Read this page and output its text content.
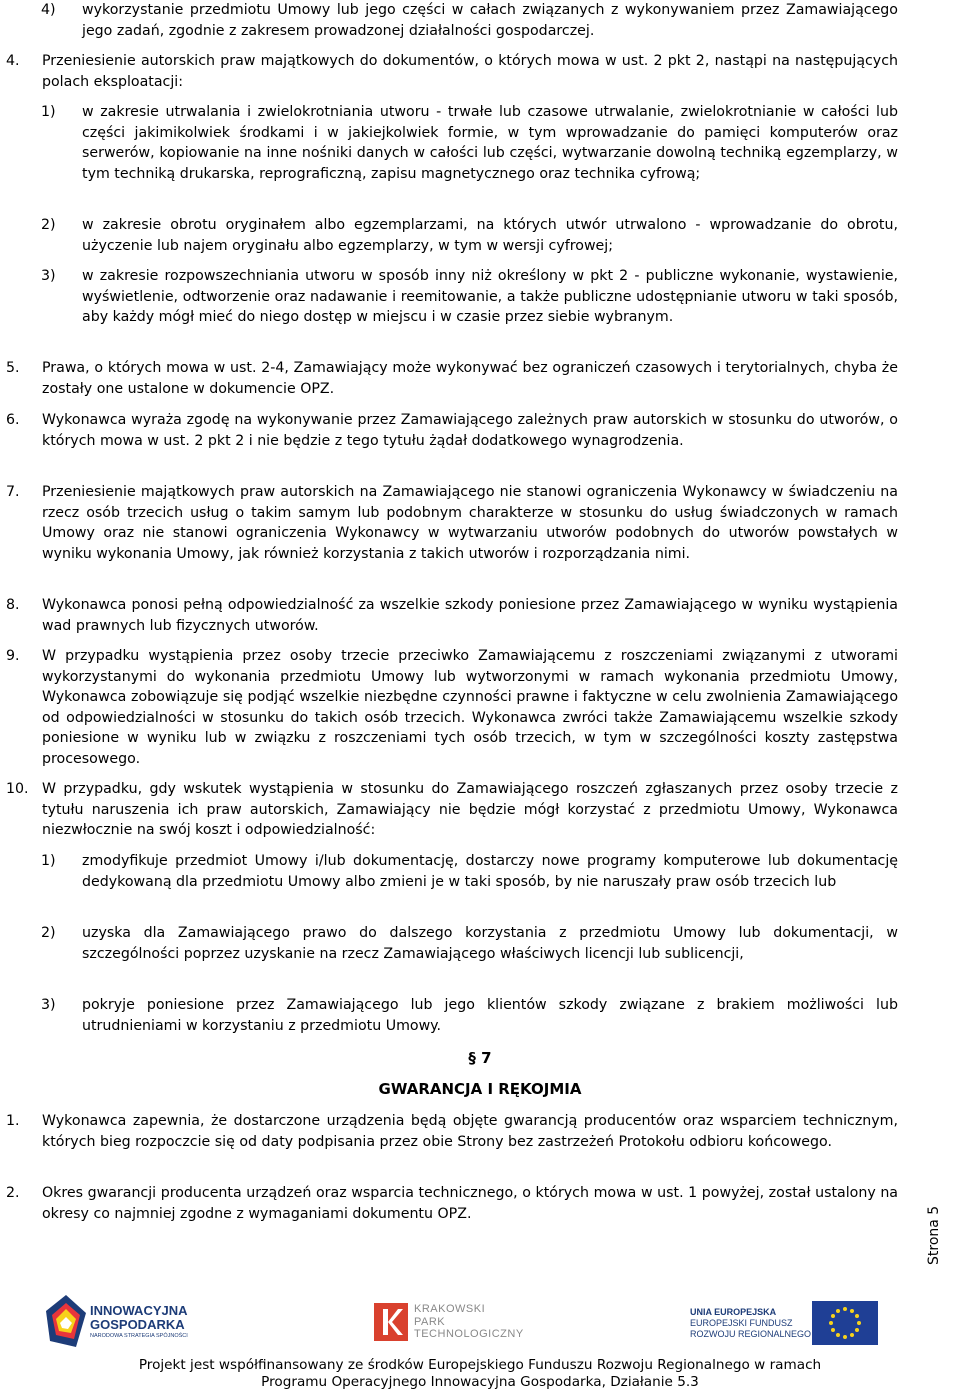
4) wykorzystanie przedmiotu Umowy lub jego części w całach związanych z wykonywaniem przez Zamawiającego jego zadań, zgodnie z zakresem prowadzonej działalności gospodarczej.
4. Przeniesienie autorskich praw majątkowych do dokumentów, o których mowa w ust. 2 pkt 2, nastąpi na następujących polach eksploatacji:
1) w zakresie utrwalania i zwielokrotniania utworu - trwałe lub czasowe utrwalanie, zwielokrotnianie w całości lub części jakimikolwiek środkami i w jakiejkolwiek formie, w tym wprowadzanie do pamięci komputerów oraz serwerów, kopiowanie na inne nośniki danych w całości lub części, wytwarzanie dowolną techniką egzemplarzy, w tym techniką drukarska, reprograficzną, zapisu magnetycznego oraz technika cyfrową;
2) w zakresie obrotu oryginałem albo egzemplarzami, na których utwór utrwalono - wprowadzanie do obrotu, użyczenie lub najem oryginału albo egzemplarzy, w tym w wersji cyfrowej;
3) w zakresie rozpowszechniania utworu w sposób inny niż określony w pkt 2 - publiczne wykonanie, wystawienie, wyświetlenie, odtworzenie oraz nadawanie i reemitowanie, a także publiczne udostępnianie utworu w taki sposób, aby każdy mógł mieć do niego dostęp w miejscu i w czasie przez siebie wybranym.
5. Prawa, o których mowa w ust. 2-4, Zamawiający może wykonywać bez ograniczeń czasowych i terytorialnych, chyba że zostały one ustalone w dokumencie OPZ.
6. Wykonawca wyraża zgodę na wykonywanie przez Zamawiającego zależnych praw autorskich w stosunku do utworów, o których mowa w ust. 2 pkt 2 i nie będzie z tego tytułu żądał dodatkowego wynagrodzenia.
7. Przeniesienie majątkowych praw autorskich na Zamawiającego nie stanowi ograniczenia Wykonawcy w świadczeniu na rzecz osób trzecich usług o takim samym lub podobnym charakterze w stosunku do usług świadczonych w ramach Umowy oraz nie stanowi ograniczenia Wykonawcy w wytwarzaniu utworów podobnych do utworów powstałych w wyniku wykonania Umowy, jak również korzystania z takich utworów i rozporządzania nimi.
8. Wykonawca ponosi pełną odpowiedzialność za wszelkie szkody poniesione przez Zamawiającego w wyniku wystąpienia wad prawnych lub fizycznych utworów.
9. W przypadku wystąpienia przez osoby trzecie przeciwko Zamawiającemu z roszczeniami związanymi z utworami wykorzystanymi do wykonania przedmiotu Umowy lub wytworzonymi w ramach wykonania przedmiotu Umowy, Wykonawca zobowiązuje się podjąć wszelkie niezbędne czynności prawne i faktyczne w celu zwolnienia Zamawiającego od odpowiedzialności w stosunku do takich osób trzecich. Wykonawca zwróci także Zamawiającemu wszelkie szkody poniesione w wyniku lub w związku z roszczeniami tych osób trzecich, w tym w szczególności koszty zastępstwa procesowego.
10. W przypadku, gdy wskutek wystąpienia w stosunku do Zamawiającego roszczeń zgłaszanych przez osoby trzecie z tytułu naruszenia ich praw autorskich, Zamawiający nie będzie mógł korzystać z przedmiotu Umowy, Wykonawca niezwłocznie na swój koszt i odpowiedzialność:
1) zmodyfikuje przedmiot Umowy i/lub dokumentację, dostarczy nowe programy komputerowe lub dokumentację dedykowaną dla przedmiotu Umowy albo zmieni je w taki sposób, by nie naruszały praw osób trzecich lub
2) uzyska dla Zamawiającego prawo do dalszego korzystania z przedmiotu Umowy lub dokumentacji, w szczególności poprzez uzyskanie na rzecz Zamawiającego właściwych licencji lub sublicencji,
3) pokryje poniesione przez Zamawiającego lub jego klientów szkody związane z brakiem możliwości lub utrudnieniami w korzystaniu z przedmiotu Umowy.
§ 7
GWARANCJA I RĘKOJMIA
1. Wykonawca zapewnia, że dostarczone urządzenia będą objęte gwarancją producentów oraz wsparciem technicznym, których bieg rozpoczcie się od daty podpisania przez obie Strony bez zastrzeżeń Protokołu odbioru końcowego.
2. Okres gwarancji producenta urządzeń oraz wsparcia technicznego, o których mowa w ust. 1 powyżej, został ustalony na okresy co najmniej zgodne z wymaganiami dokumentu OPZ.	Strona 5
INNOWACYJNA
GOSPODARKA
NARODOWA STRATEGIA SPÓJNOŚCI
KRAKOWSKI
PARK
TECHNOLOGICZNY
UNIA EUROPEJSKA
EUROPEJSKI FUNDUSZ
ROZWOJU REGIONALNEGO
Projekt jest współfinansowany ze środków Europejskiego Funduszu Rozwoju Regionalnego w ramach
Programu Operacyjnego Innowacyjna Gospodarka, Działanie 5.3
